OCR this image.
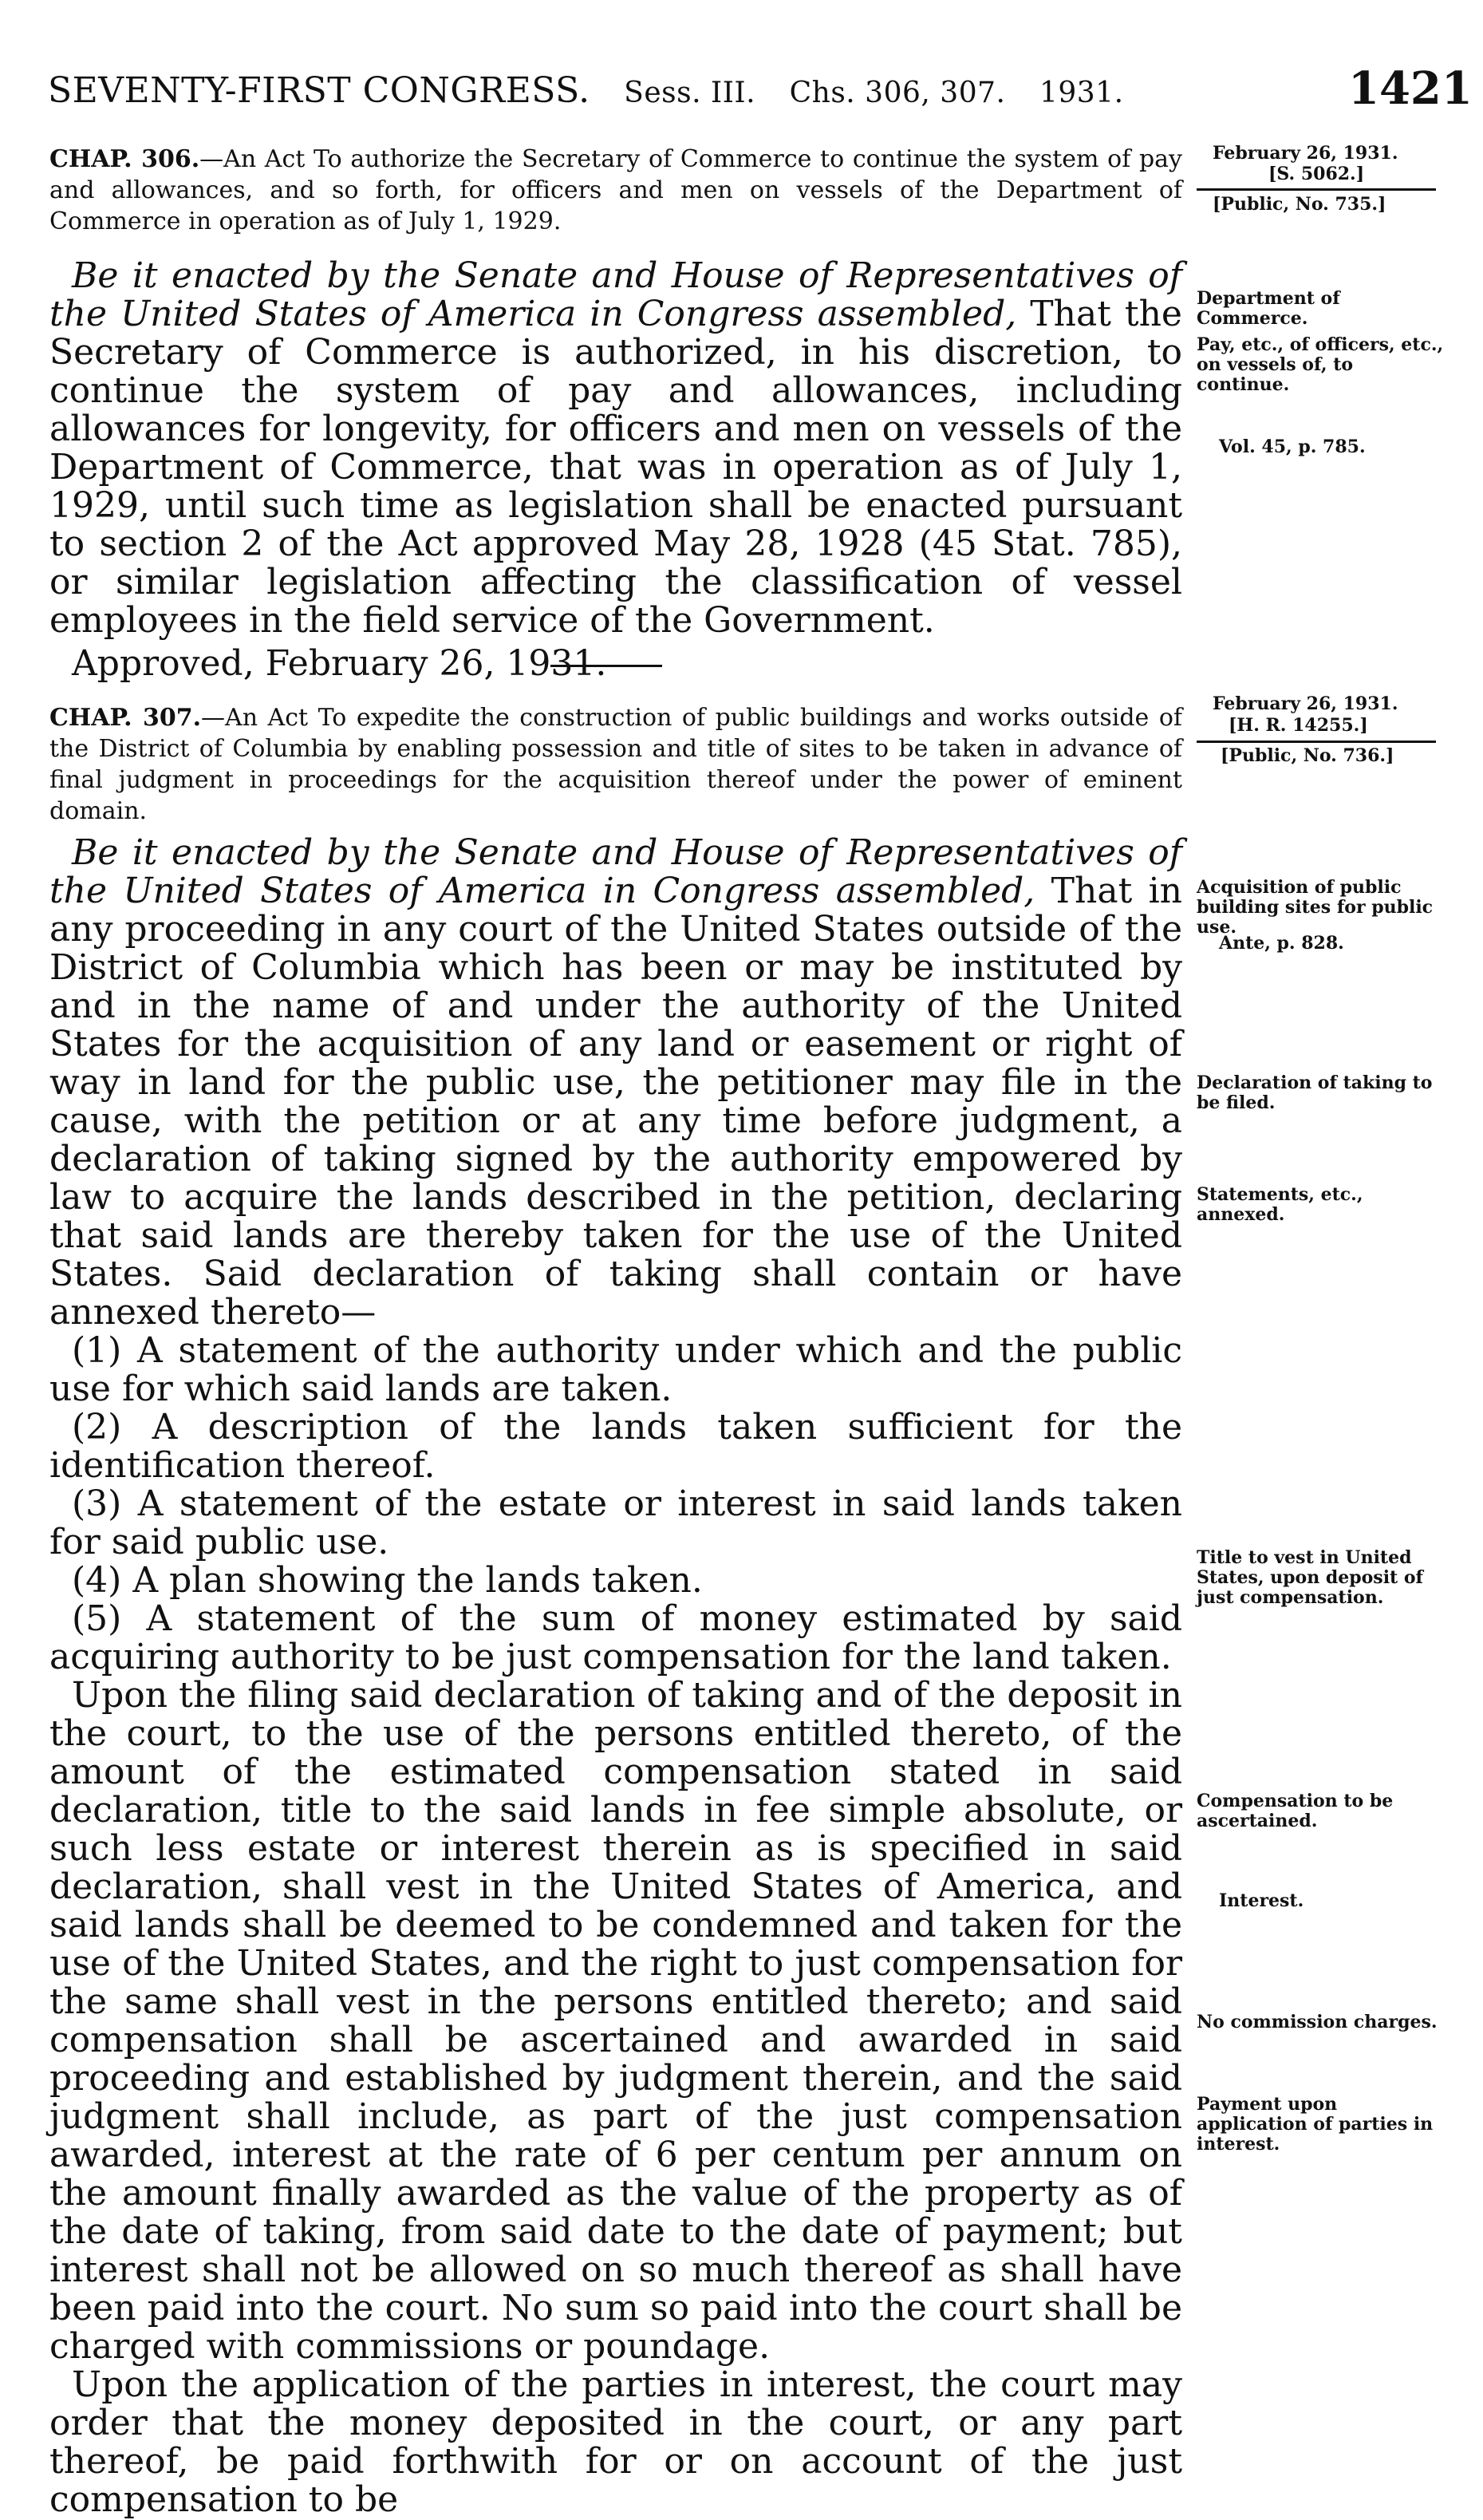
SEVENTY-FIRST CONGRESS. Sess. III. Chs. 306, 307. 1931.	1421
CHAP. 306.—An Act To authorize the Secretary of Commerce to continue the system of pay and allowances, and so forth, for officers and men on vessels of the Department of Commerce in operation as of July 1, 1929.
February 26, 1931.
[S. 5062.]
[Public, No. 735.]

Be it enacted by the Senate and House of Representatives of the United States of America in Congress assembled, That the Secretary of Commerce is authorized, in his discretion, to continue the system of pay and allowances, including allowances for longevity, for officers and men on vessels of the Department of Commerce, that was in operation as of July 1, 1929, until such time as legislation shall be enacted pursuant to section 2 of the Act approved May 28, 1928 (45 Stat. 785), or similar legislation affecting the classification of vessel employees in the field service of the Government.

Approved, February 26, 1931.

Department of Commerce.
Pay, etc., of officers, etc., on vessels of, to continue.
Vol. 45, p. 785.
CHAP. 307.—An Act To expedite the construction of public buildings and works outside of the District of Columbia by enabling possession and title of sites to be taken in advance of final judgment in proceedings for the acquisition thereof under the power of eminent domain.
February 26, 1931.
[H. R. 14255.]
[Public, No. 736.]

Be it enacted by the Senate and House of Representatives of the United States of America in Congress assembled, That in any proceeding in any court of the United States outside of the District of Columbia which has been or may be instituted by and in the name of and under the authority of the United States for the acquisition of any land or easement or right of way in land for the public use, the petitioner may file in the cause, with the petition or at any time before judgment, a declaration of taking signed by the authority empowered by law to acquire the lands described in the petition, declaring that said lands are thereby taken for the use of the United States. Said declaration of taking shall contain or have annexed thereto—

(1) A statement of the authority under which and the public use for which said lands are taken.

(2) A description of the lands taken sufficient for the identification thereof.

(3) A statement of the estate or interest in said lands taken for said public use.

(4) A plan showing the lands taken.

(5) A statement of the sum of money estimated by said acquiring authority to be just compensation for the land taken.

Upon the filing said declaration of taking and of the deposit in the court, to the use of the persons entitled thereto, of the amount of the estimated compensation stated in said declaration, title to the said lands in fee simple absolute, or such less estate or interest therein as is specified in said declaration, shall vest in the United States of America, and said lands shall be deemed to be condemned and taken for the use of the United States, and the right to just compensation for the same shall vest in the persons entitled thereto; and said compensation shall be ascertained and awarded in said proceeding and established by judgment therein, and the said judgment shall include, as part of the just compensation awarded, interest at the rate of 6 per centum per annum on the amount finally awarded as the value of the property as of the date of taking, from said date to the date of payment; but interest shall not be allowed on so much thereof as shall have been paid into the court. No sum so paid into the court shall be charged with commissions or poundage.

Upon the application of the parties in interest, the court may order that the money deposited in the court, or any part thereof, be paid forthwith for or on account of the just compensation to be

Acquisition of public building sites for public use.
Ante, p. 828.
Declaration of taking to be filed.
Statements, etc., annexed.
Title to vest in United States, upon deposit of just compensation.
Compensation to be ascertained.
Interest.
No commission charges.
Payment upon application of parties in interest.
